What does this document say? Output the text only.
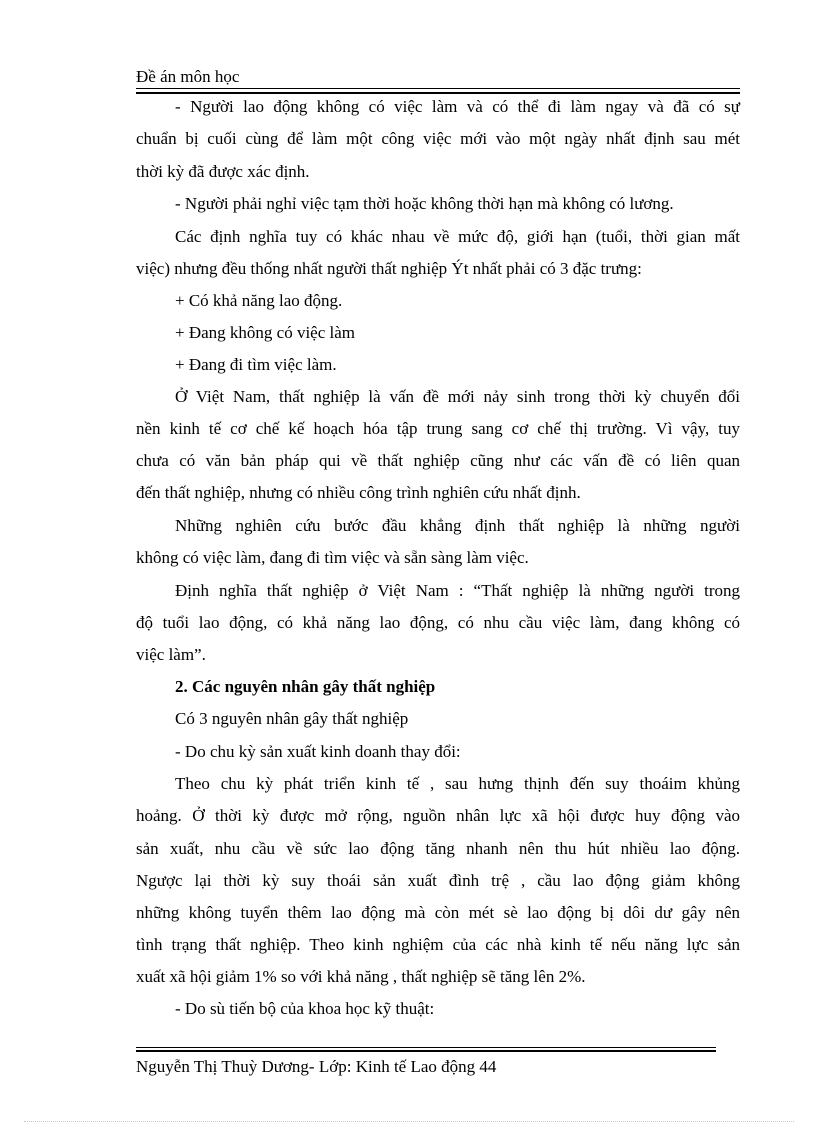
Đề án môn học
- Người lao động không có việc làm và có thể đi làm ngay và đã có sự
chuẩn bị cuối cùng để làm một công việc mới vào một ngày nhất định sau mét
thời kỳ đã được xác định.
- Người phải nghỉ việc tạm thời hoặc không thời hạn mà không có lương.
Các định nghĩa tuy có khác nhau về mức độ, giới hạn (tuổi, thời gian mất
việc) nhưng đều thống nhất người thất nghiệp Ýt nhất phải có 3 đặc trưng:
+ Có khả năng lao động.
+ Đang không có việc làm
+ Đang đi tìm việc làm.
Ở Việt Nam, thất nghiệp là vấn đề mới nảy sinh trong thời kỳ chuyển đổi
nền kinh tế cơ chế kế hoạch hóa tập trung sang cơ chế thị trường. Vì vậy, tuy
chưa có văn bản pháp qui về thất nghiệp cũng như các vấn đề có liên quan
đến thất nghiệp, nhưng có nhiều công trình nghiên cứu nhất định.
Những nghiên cứu bước đầu khẳng định thất nghiệp là những người
không có việc làm, đang đi tìm việc và sẵn sàng làm việc.
Định nghĩa thất nghiệp ở Việt Nam : “Thất nghiệp là những người trong
độ tuổi lao động, có khả năng lao động, có nhu cầu việc làm, đang không có
việc làm”.
2. Các nguyên nhân gây thất nghiệp
Có 3 nguyên nhân gây thất nghiệp
- Do chu kỳ sản xuất kinh doanh thay đổi:
Theo chu kỳ phát triển kinh tế , sau hưng thịnh đến suy thoáim khủng
hoảng. Ở thời kỳ được mở rộng, nguồn nhân lực xã hội được huy động vào
sản xuất, nhu cầu về sức lao động tăng nhanh nên thu hút nhiều lao động.
Ngược lại thời kỳ suy thoái sản xuất đình trệ , cầu lao động giảm không
những không tuyển thêm lao động mà còn mét sè lao động bị dôi dư gây nên
tình trạng thất nghiệp. Theo kinh nghiệm của các nhà kinh tế nếu năng lực sản
xuất xã hội giảm 1% so với khả năng , thất nghiệp sẽ tăng lên 2%.
- Do sù tiến bộ của khoa học kỹ thuật:
Nguyễn Thị Thuỳ Dương- Lớp: Kinh tế Lao động 44
